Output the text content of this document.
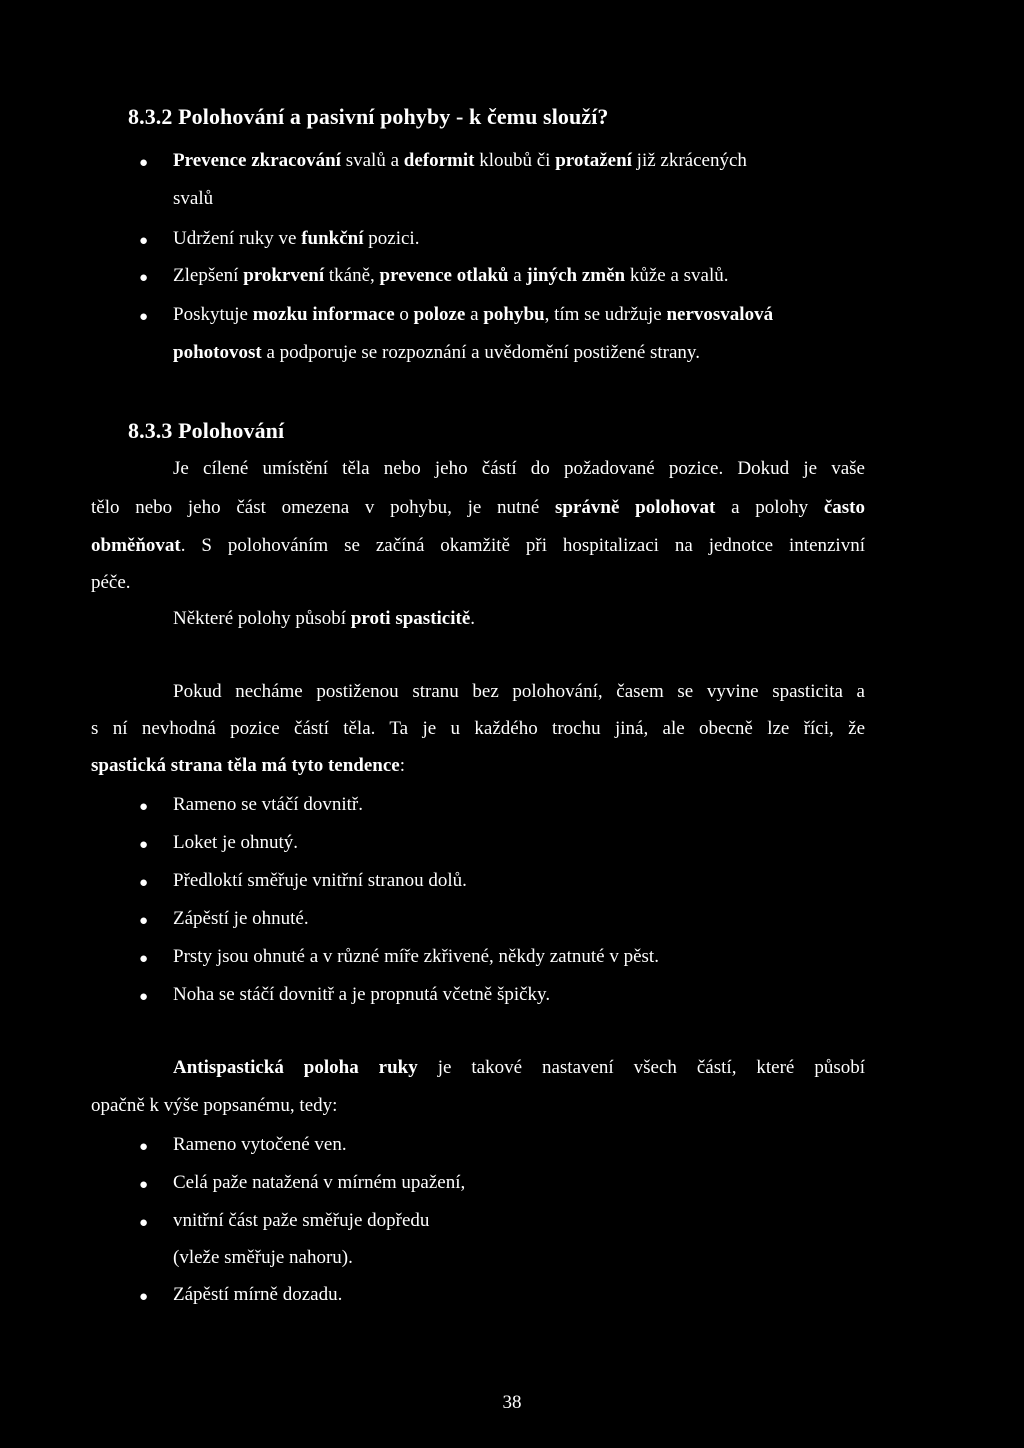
8.3.2 Polohování a pasivní pohyby - k čemu slouží?
● Prevence zkracování svalů a deformit kloubů či protažení již zkrácených

svalů

● Udržení ruky ve funkční pozici.
● Zlepšení prokrvení tkáně, prevence otlaků a jiných změn kůže a svalů.
● Poskytuje mozku informace o poloze a pohybu, tím se udržuje nervosvalová

pohotovost a podporuje se rozpoznání a uvědomění postižené strany.

8.3.3 Polohování

Je cílené umístění těla nebo jeho částí do požadované pozice. Dokud je vaše

tělo nebo jeho část omezena v pohybu, je nutné správně polohovat a polohy často

obměňovat. S polohováním se začíná okamžitě při hospitalizaci na jednotce intenzivní

péče.

Některé polohy působí proti spasticitě.

Pokud necháme postiženou stranu bez polohování, časem se vyvine spasticita a

s ní nevhodná pozice částí těla. Ta je u každého trochu jiná, ale obecně lze říci, že

spastická strana těla má tyto tendence:

● Rameno se vtáčí dovnitř.
● Loket je ohnutý.
● Předloktí směřuje vnitřní stranou dolů.
● Zápěstí je ohnuté.
● Prsty jsou ohnuté a v různé míře zkřivené, někdy zatnuté v pěst.
● Noha se stáčí dovnitř a je propnutá včetně špičky.

Antispastická poloha ruky je takové nastavení všech částí, které působí

opačně k výše popsanému, tedy:

● Rameno vytočené ven.
● Celá paže natažená v mírném upažení,
● vnitřní část paže směřuje dopředu

(vleže směřuje nahoru).

● Zápěstí mírně dozadu.
38
